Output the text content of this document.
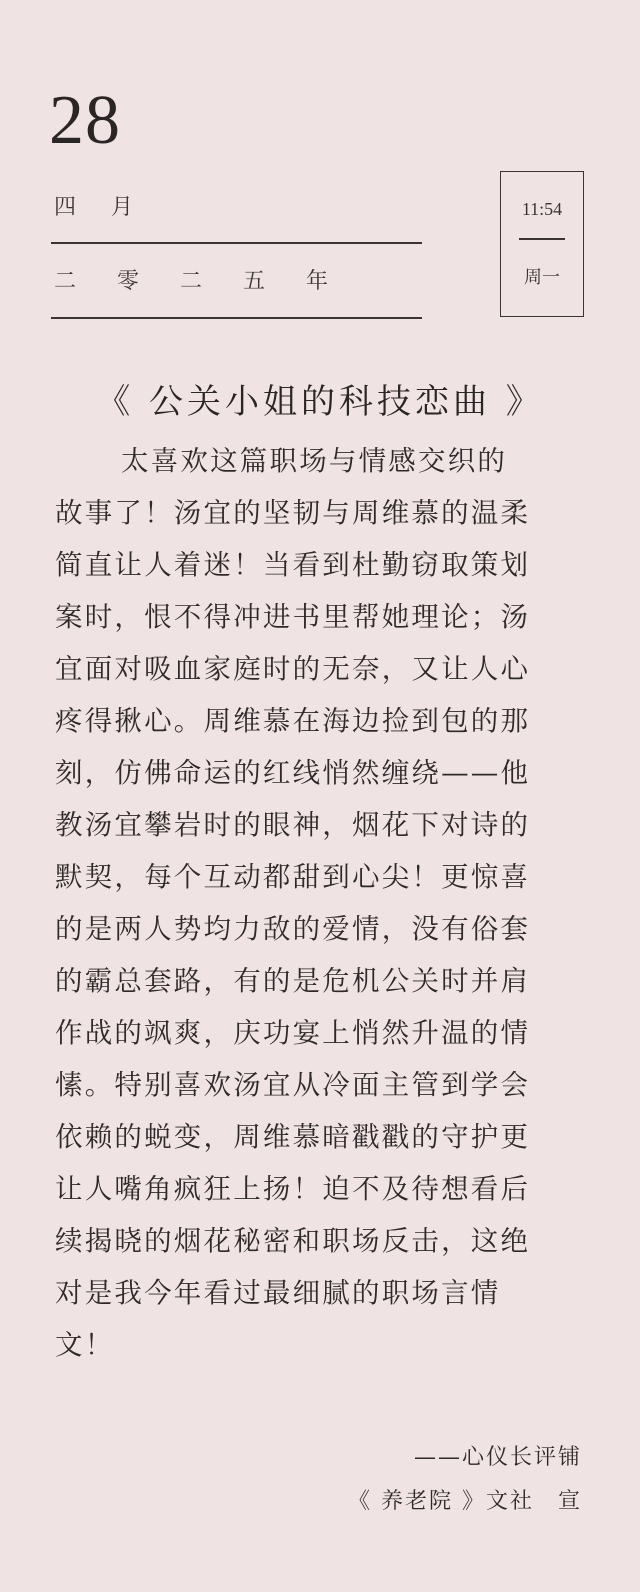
28
四 月
二 零 二 五 年
11:54
周一
《 公关小姐的科技恋曲 》
太喜欢这篇职场与情感交织的
故事了！汤宜的坚韧与周维慕的温柔
简直让人着迷！当看到杜勤窃取策划
案时，恨不得冲进书里帮她理论；汤
宜面对吸血家庭时的无奈，又让人心
疼得揪心。周维慕在海边捡到包的那
刻，仿佛命运的红线悄然缠绕——他
教汤宜攀岩时的眼神，烟花下对诗的
默契，每个互动都甜到心尖！更惊喜
的是两人势均力敌的爱情，没有俗套
的霸总套路，有的是危机公关时并肩
作战的飒爽，庆功宴上悄然升温的情
愫。特别喜欢汤宜从冷面主管到学会
依赖的蜕变，周维慕暗戳戳的守护更
让人嘴角疯狂上扬！迫不及待想看后
续揭晓的烟花秘密和职场反击，这绝
对是我今年看过最细腻的职场言情
文！
——心仪长评铺
《 养老院 》文社　宣
